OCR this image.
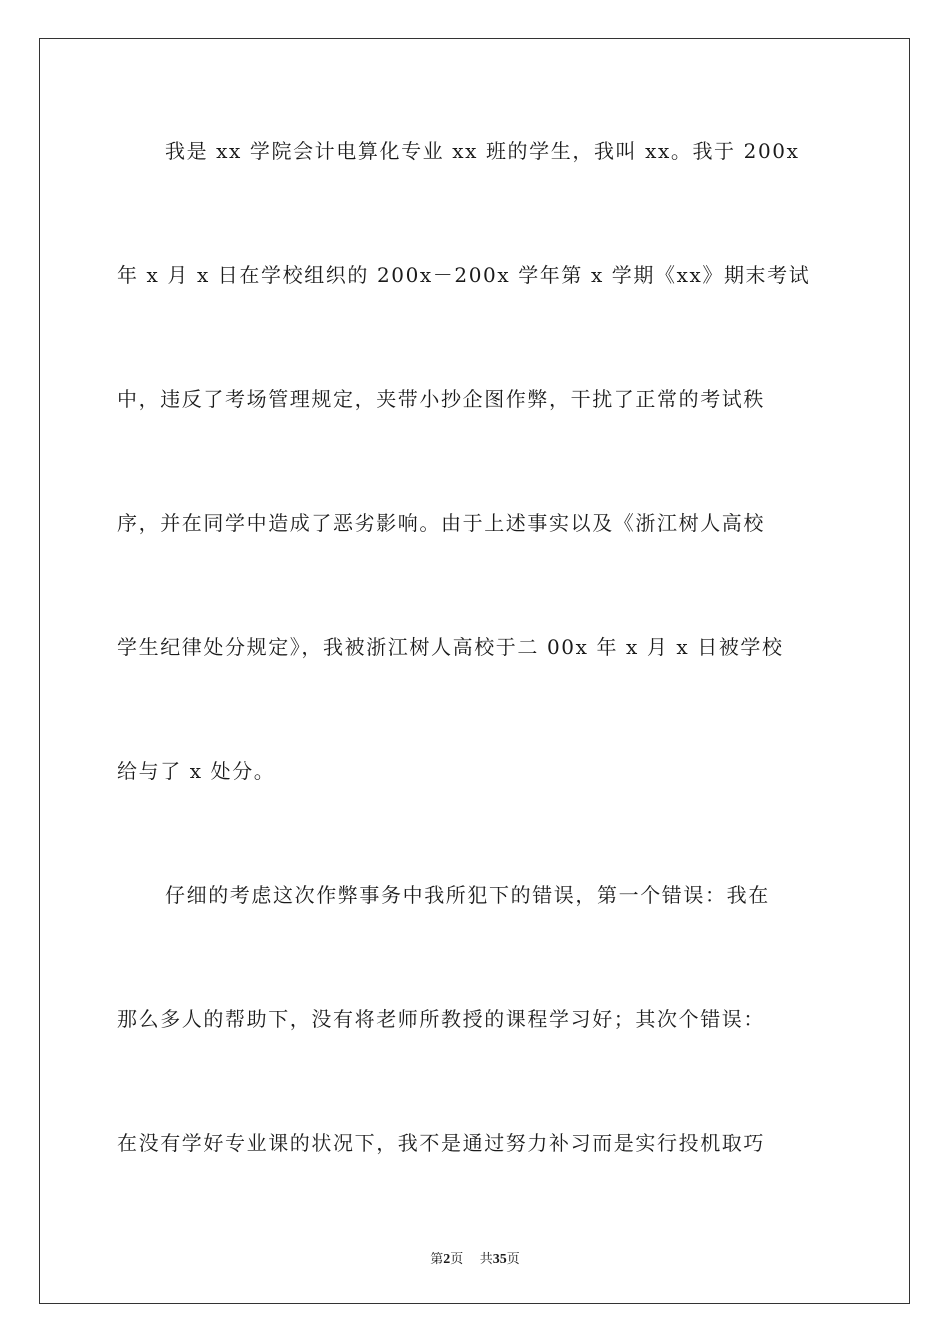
我是 xx 学院会计电算化专业 xx 班的学生，我叫 xx。我于 200x

年 x 月 x 日在学校组织的 200x－200x 学年第 x 学期《xx》期末考试

中，违反了考场管理规定，夹带小抄企图作弊，干扰了正常的考试秩

序，并在同学中造成了恶劣影响。由于上述事实以及《浙江树人高校

学生纪律处分规定》，我被浙江树人高校于二 00x 年 x 月 x 日被学校

给与了 x 处分。

仔细的考虑这次作弊事务中我所犯下的错误，第一个错误：我在

那么多人的帮助下，没有将老师所教授的课程学习好；其次个错误：

在没有学好专业课的状况下，我不是通过努力补习而是实行投机取巧

第2页 共35页
